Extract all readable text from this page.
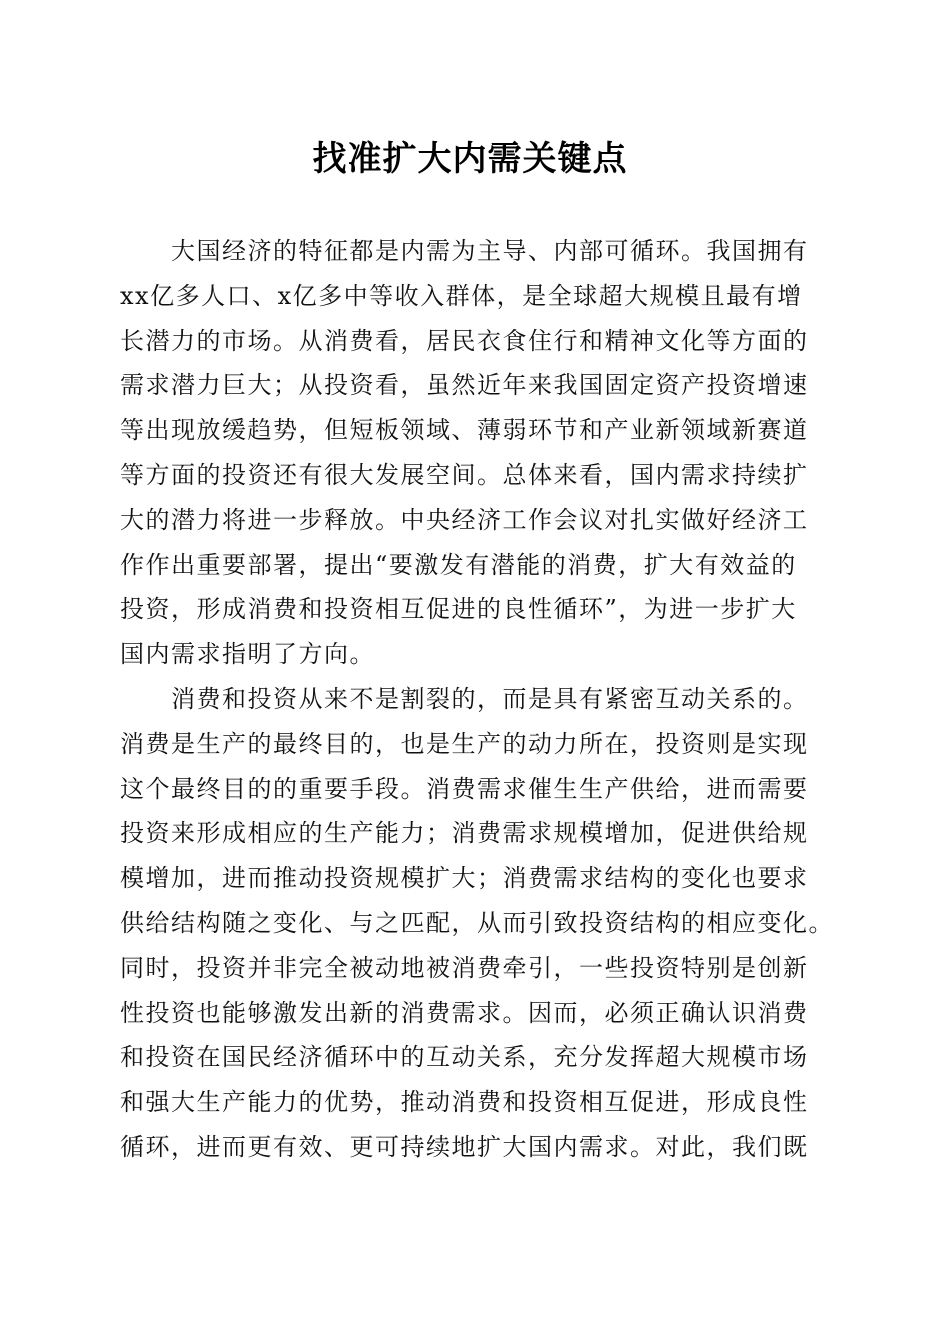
找准扩大内需关键点
　　大国经济的特征都是内需为主导、内部可循环。我国拥有
xx亿多人口、x亿多中等收入群体，是全球超大规模且最有增
长潜力的市场。从消费看，居民衣食住行和精神文化等方面的
需求潜力巨大；从投资看，虽然近年来我国固定资产投资增速
等出现放缓趋势，但短板领域、薄弱环节和产业新领域新赛道
等方面的投资还有很大发展空间。总体来看，国内需求持续扩
大的潜力将进一步释放。中央经济工作会议对扎实做好经济工
作作出重要部署，提出“要激发有潜能的消费，扩大有效益的
投资，形成消费和投资相互促进的良性循环”，为进一步扩大
国内需求指明了方向。
　　消费和投资从来不是割裂的，而是具有紧密互动关系的。
消费是生产的最终目的，也是生产的动力所在，投资则是实现
这个最终目的的重要手段。消费需求催生生产供给，进而需要
投资来形成相应的生产能力；消费需求规模增加，促进供给规
模增加，进而推动投资规模扩大；消费需求结构的变化也要求
供给结构随之变化、与之匹配，从而引致投资结构的相应变化。
同时，投资并非完全被动地被消费牵引，一些投资特别是创新
性投资也能够激发出新的消费需求。因而，必须正确认识消费
和投资在国民经济循环中的互动关系，充分发挥超大规模市场
和强大生产能力的优势，推动消费和投资相互促进，形成良性
循环，进而更有效、更可持续地扩大国内需求。对此，我们既
